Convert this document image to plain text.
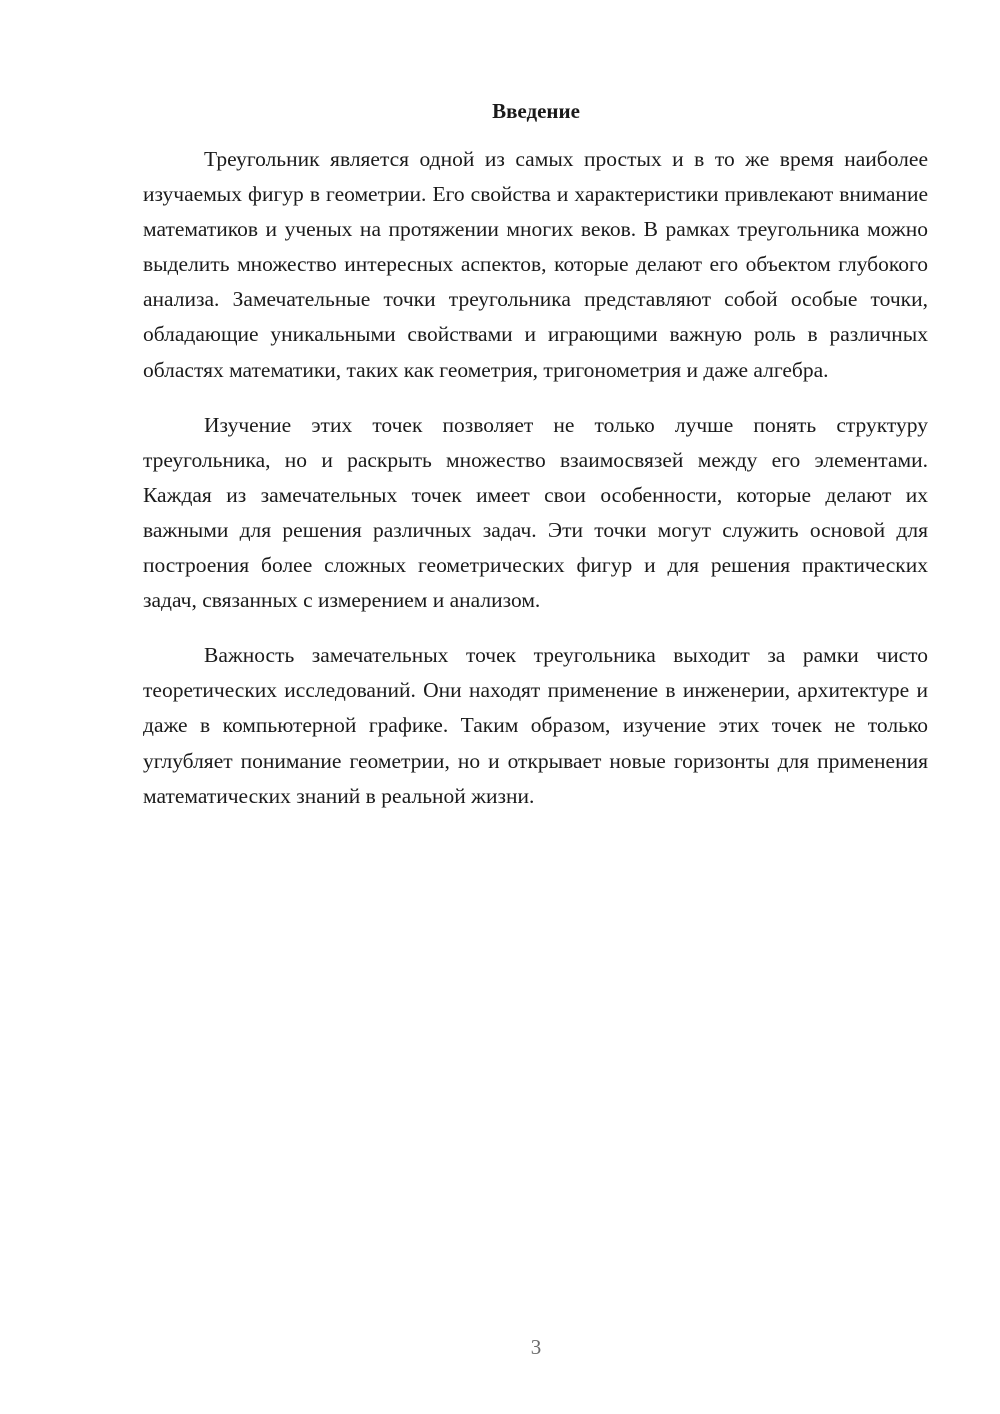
Введение

Треугольник является одной из самых простых и в то же время наиболее изучаемых фигур в геометрии. Его свойства и характеристики привлекают внимание математиков и ученых на протяжении многих веков. В рамках треугольника можно выделить множество интересных аспектов, которые делают его объектом глубокого анализа. Замечательные точки треугольника представляют собой особые точки, обладающие уникальными свойствами и играющими важную роль в различных областях математики, таких как геометрия, тригонометрия и даже алгебра.

Изучение этих точек позволяет не только лучше понять структуру треугольника, но и раскрыть множество взаимосвязей между его элементами. Каждая из замечательных точек имеет свои особенности, которые делают их важными для решения различных задач. Эти точки могут служить основой для построения более сложных геометрических фигур и для решения практических задач, связанных с измерением и анализом.

Важность замечательных точек треугольника выходит за рамки чисто теоретических исследований. Они находят применение в инженерии, архитектуре и даже в компьютерной графике. Таким образом, изучение этих точек не только углубляет понимание геометрии, но и открывает новые горизонты для применения математических знаний в реальной жизни.

3
